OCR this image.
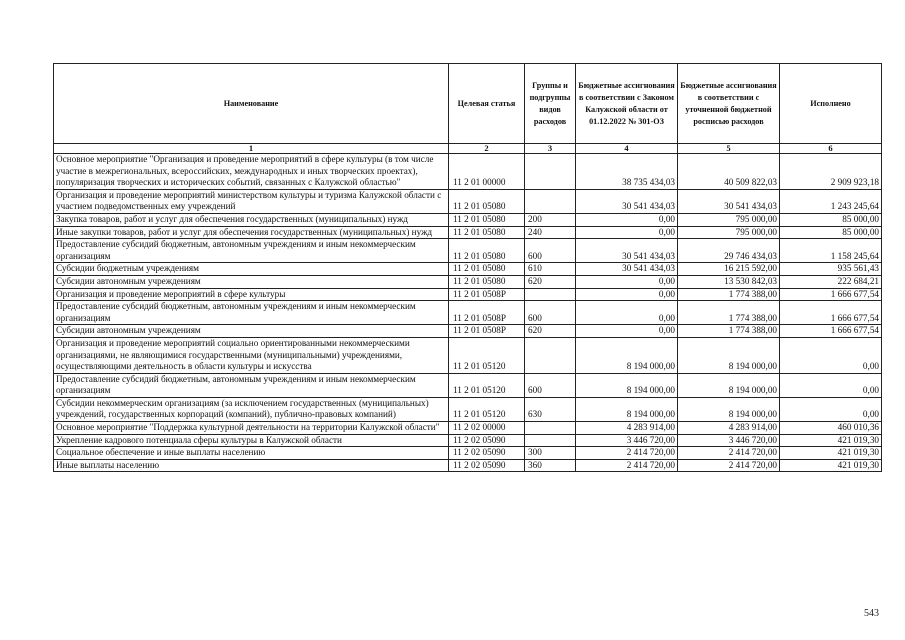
Наименование	Целевая статья	Группы и подгруппы видов расходов	Бюджетные ассигнования в соответствии с Законом Калужской области от 01.12.2022 № 301-ОЗ	Бюджетные ассигнования в соответствии с уточненной бюджетной росписью расходов	Исполнено
1	2	3	4	5	6
Основное мероприятие "Организация и проведение мероприятий в сфере культуры (в том числе участие в межрегиональных, всероссийских, международных и иных творческих проектах), популяризация творческих и исторических событий, связанных с Калужской областью"	11 2 01 00000		38 735 434,03	40 509 822,03	2 909 923,18
Организация и проведение мероприятий министерством культуры и туризма Калужской области с участием подведомственных ему учреждений	11 2 01 05080		30 541 434,03	30 541 434,03	1 243 245,64
Закупка товаров, работ и услуг для обеспечения государственных (муниципальных) нужд	11 2 01 05080	200	0,00	795 000,00	85 000,00
Иные закупки товаров, работ и услуг для обеспечения государственных (муниципальных) нужд	11 2 01 05080	240	0,00	795 000,00	85 000,00
Предоставление субсидий бюджетным, автономным учреждениям и иным некоммерческим организациям	11 2 01 05080	600	30 541 434,03	29 746 434,03	1 158 245,64
Субсидии бюджетным учреждениям	11 2 01 05080	610	30 541 434,03	16 215 592,00	935 561,43
Субсидии автономным учреждениям	11 2 01 05080	620	0,00	13 530 842,03	222 684,21
Организация и проведение мероприятий в сфере культуры	11 2 01 0508Р		0,00	1 774 388,00	1 666 677,54
Предоставление субсидий бюджетным, автономным учреждениям и иным некоммерческим организациям	11 2 01 0508Р	600	0,00	1 774 388,00	1 666 677,54
Субсидии автономным учреждениям	11 2 01 0508Р	620	0,00	1 774 388,00	1 666 677,54
Организация и проведение мероприятий социально ориентированными некоммерческими организациями, не являющимися государственными (муниципальными) учреждениями, осуществляющими деятельность в области культуры и искусства	11 2 01 05120		8 194 000,00	8 194 000,00	0,00
Предоставление субсидий бюджетным, автономным учреждениям и иным некоммерческим организациям	11 2 01 05120	600	8 194 000,00	8 194 000,00	0,00
Субсидии некоммерческим организациям (за исключением государственных (муниципальных) учреждений, государственных корпораций (компаний), публично-правовых компаний)	11 2 01 05120	630	8 194 000,00	8 194 000,00	0,00
Основное мероприятие "Поддержка культурной деятельности на территории Калужской области"	11 2 02 00000		4 283 914,00	4 283 914,00	460 010,36
Укрепление кадрового потенциала сферы культуры в Калужской области	11 2 02 05090		3 446 720,00	3 446 720,00	421 019,30
Социальное обеспечение и иные выплаты населению	11 2 02 05090	300	2 414 720,00	2 414 720,00	421 019,30
Иные выплаты населению	11 2 02 05090	360	2 414 720,00	2 414 720,00	421 019,30
543
